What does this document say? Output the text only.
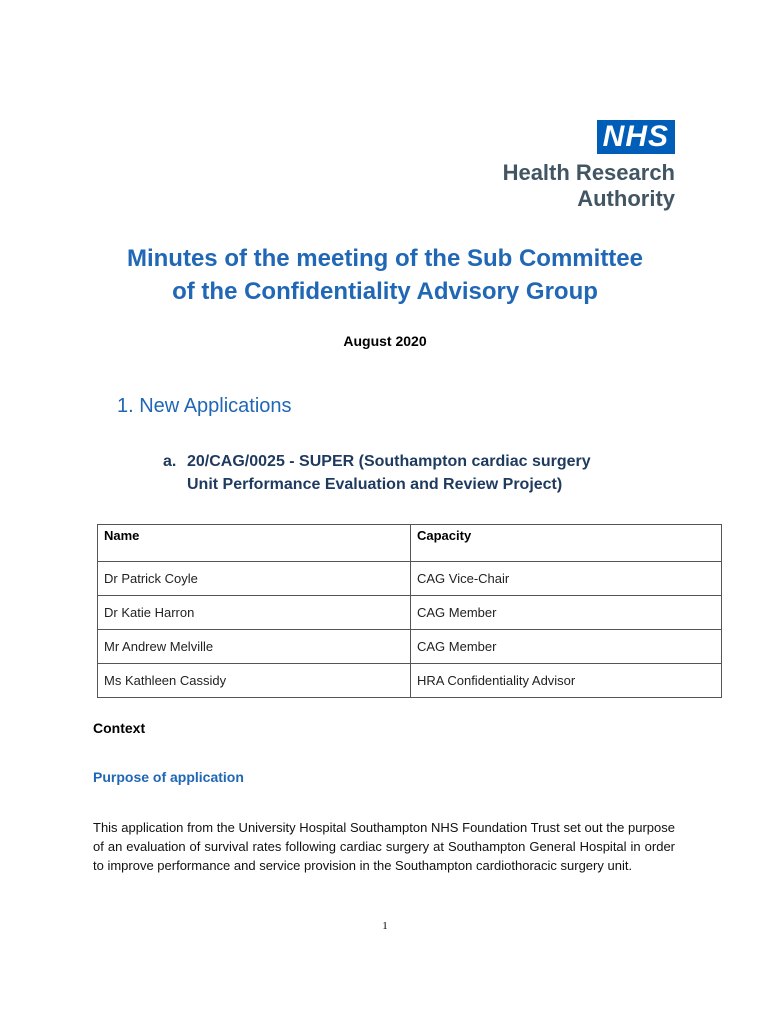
NHS
Health Research
Authority
Minutes of the meeting of the Sub Committee
of the Confidentiality Advisory Group
August 2020
1. New Applications
a. 20/CAG/0025 - SUPER (Southampton cardiac surgery
Unit Performance Evaluation and Review Project)
Name	Capacity
Dr Patrick Coyle	CAG Vice-Chair
Dr Katie Harron	CAG Member
Mr Andrew Melville	CAG Member
Ms Kathleen Cassidy	HRA Confidentiality Advisor
Context
Purpose of application
This application from the University Hospital Southampton NHS Foundation Trust set out the purpose of an evaluation of survival rates following cardiac surgery at Southampton General Hospital in order to improve performance and service provision in the Southampton cardiothoracic surgery unit.
1
